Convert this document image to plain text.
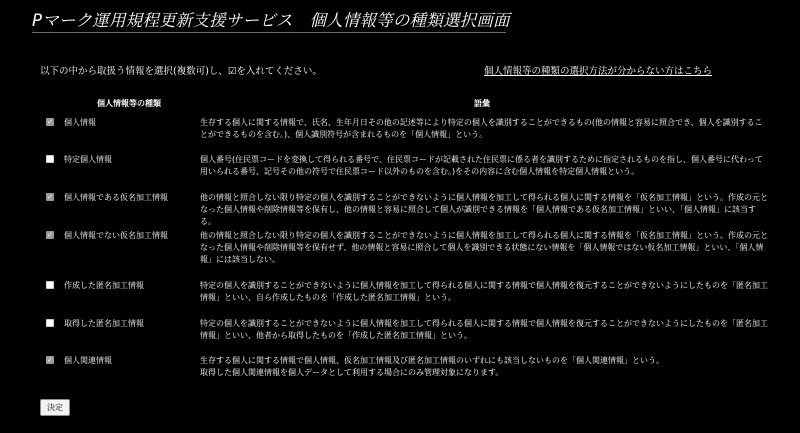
Pマーク運用規程更新支援サービス　個人情報等の種類選択画面
以下の中から取扱う情報を選択(複数可)し、☑を入れてください。	個人情報等の種類の選択方法が分からない方はこちら
個人情報等の種類	語彙
✓ 個人情報	生存する個人に関する情報で、氏名、生年月日その他の記述等により特定の個人を識別することができるもの(他の情報と容易に照合でき、個人を識別することができるものを含む。)、個人識別符号が含まれるものを「個人情報」という。
特定個人情報	個人番号(住民票コードを変換して得られる番号で、住民票コードが記載された住民票に係る者を識別するために指定されるものを指し、個人番号に代わって用いられる番号、記号その他の符号で住民票コード以外のものを含む。)をその内容に含む個人情報を特定個人情報という。
✓ 個人情報である仮名加工情報	他の情報と照合しない限り特定の個人を識別することができないように個人情報を加工して得られる個人に関する情報を「仮名加工情報」という。作成の元となった個人情報や削除情報等を保有し、他の情報と容易に照合して個人が識別できる情報を「個人情報である仮名加工情報」といい、「個人情報」に該当する。
✓ 個人情報でない仮名加工情報	他の情報と照合しない限り特定の個人を識別することができないように個人情報を加工して得られる個人に関する情報を「仮名加工情報」という。作成の元となった個人情報や削除情報等を保有せず、他の情報と容易に照合して個人を識別できる状態にない情報を「個人情報ではない仮名加工情報」といい、「個人情報」には該当しない。
作成した匿名加工情報	特定の個人を識別することができないように個人情報を加工して得られる個人に関する情報で個人情報を復元することができないようにしたものを「匿名加工情報」といい、自ら作成したものを「作成した匿名加工情報」という。
取得した匿名加工情報	特定の個人を識別することができないように個人情報を加工して得られる個人に関する情報で個人情報を復元することができないようにしたものを「匿名加工情報」といい、他者から取得したものを「作成した匿名加工情報」という。
✓ 個人関連情報	生存する個人に関する情報で個人情報、仮名加工情報及び匿名加工情報のいずれにも該当しないものを「個人関連情報」という。
取得した個人関連情報を個人データとして利用する場合にのみ管理対象になります。
決定
